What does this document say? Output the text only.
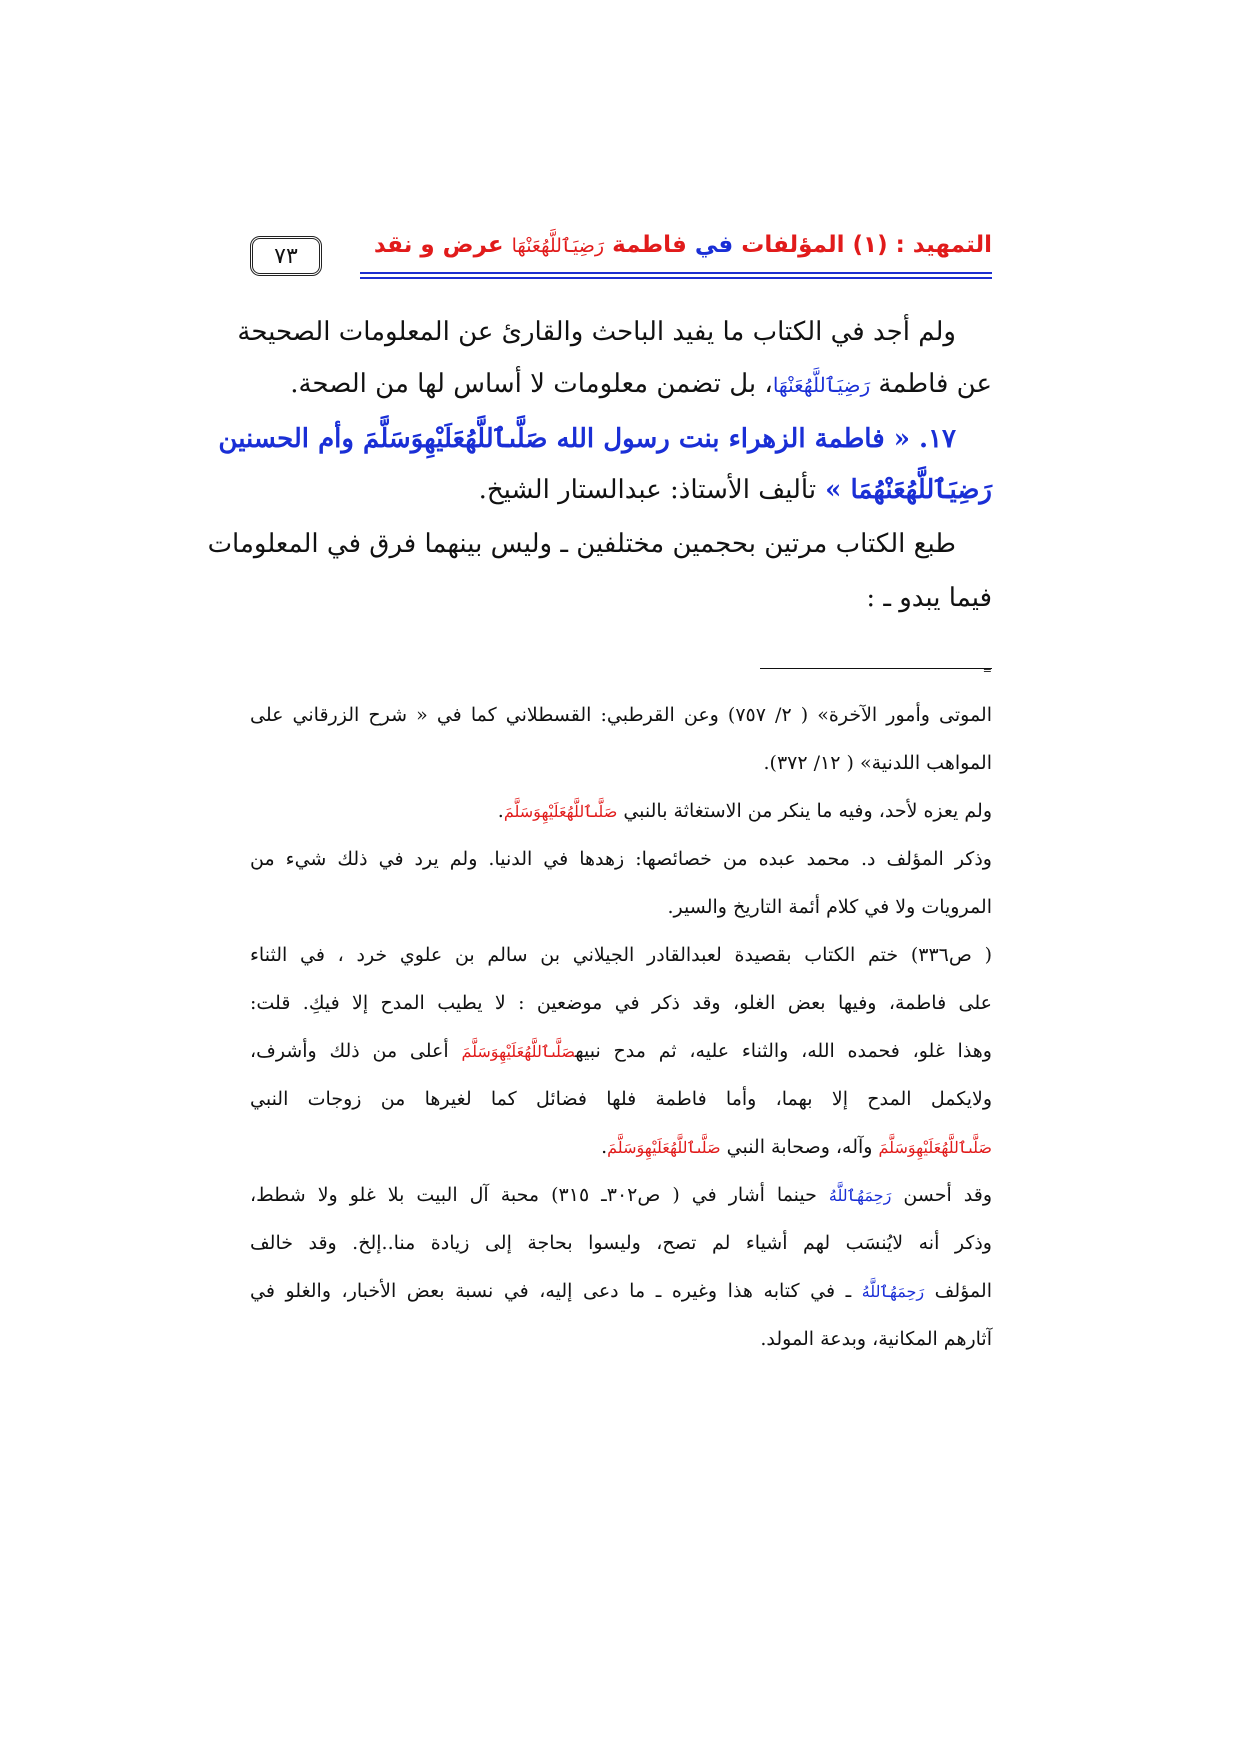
٧٣	التمهيد : (١) المؤلفات في فاطمة رَضِيَٱللَّهُعَنْهَا عرض و نقد
ولم أجد في الكتاب ما يفيد الباحث والقارئ عن المعلومات الصحيحة
عن فاطمة رَضِيَٱللَّهُعَنْهَا، بل تضمن معلومات لا أساس لها من الصحة.
١٧. « فاطمة الزهراء بنت رسول الله صَلَّىٱللَّهُعَلَيْهِوَسَلَّمَ وأم الحسنين
رَضِيَٱللَّهُعَنْهُمَا » تأليف الأستاذ: عبدالستار الشيخ.
طبع الكتاب مرتين بحجمين مختلفين ـ وليس بينهما فرق في المعلومات
فيما يبدو ـ :
=
الموتى وأمور الآخرة» ( ٢/ ٧٥٧) وعن القرطبي: القسطلاني كما في « شرح الزرقاني على
المواهب اللدنية» ( ١٢/ ٣٧٢).
ولم يعزه لأحد، وفيه ما ينكر من الاستغاثة بالنبي صَلَّىٱللَّهُعَلَيْهِوَسَلَّمَ.
وذكر المؤلف د. محمد عبده من خصائصها: زهدها في الدنيا. ولم يرد في ذلك شيء من
المرويات ولا في كلام أئمة التاريخ والسير.
( ص٣٣٦) ختم الكتاب بقصيدة لعبدالقادر الجيلاني بن سالم بن علوي خرد ، في الثناء
على فاطمة، وفيها بعض الغلو، وقد ذكر في موضعين : لا يطيب المدح إلا فيكِ. قلت:
وهذا غلو، فحمده الله، والثناء عليه، ثم مدح نبيهصَلَّىٱللَّهُعَلَيْهِوَسَلَّمَ أعلى من ذلك وأشرف،
ولايكمل المدح إلا بهما، وأما فاطمة فلها فضائل كما لغيرها من زوجات النبي
صَلَّىٱللَّهُعَلَيْهِوَسَلَّمَ وآله، وصحابة النبي صَلَّىٱللَّهُعَلَيْهِوَسَلَّمَ.
وقد أحسن رَحِمَهُٱللَّهُ حينما أشار في ( ص٣٠٢ـ ٣١٥) محبة آل البيت بلا غلو ولا شطط،
وذكر أنه لايُنسَب لهم أشياء لم تصح، وليسوا بحاجة إلى زيادة منا..إلخ. وقد خالف
المؤلف رَحِمَهُٱللَّهُ ـ في كتابه هذا وغيره ـ ما دعى إليه، في نسبة بعض الأخبار، والغلو في
آثارهم المكانية، وبدعة المولد.
